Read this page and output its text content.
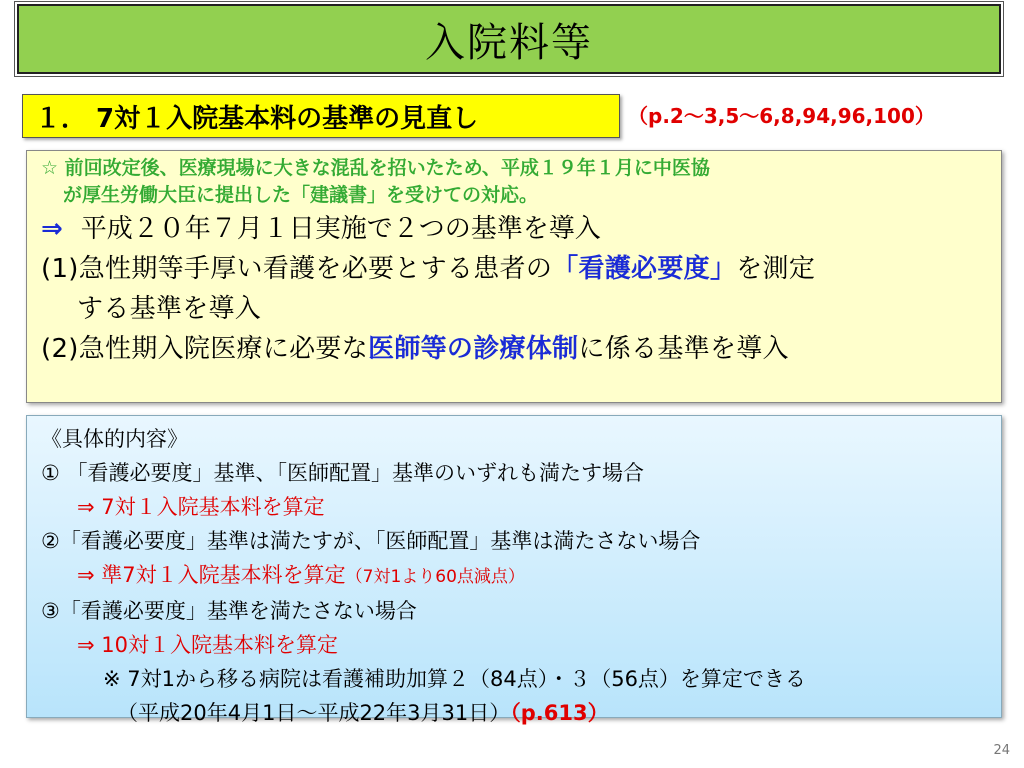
入院料等
１． 7対１入院基本料の基準の見直し	（p.2～3,5～6,8,94,96,100）
☆ 前回改定後、医療現場に大きな混乱を招いたため、平成１９年１月に中医協
が厚生労働大臣に提出した「建議書」を受けての対応。
⇒ 平成２０年７月１日実施で２つの基準を導入
(1)急性期等手厚い看護を必要とする患者の「看護必要度」を測定
する基準を導入
(2)急性期入院医療に必要な医師等の診療体制に係る基準を導入
《具体的内容》
① 「看護必要度」基準、「医師配置」基準のいずれも満たす場合
⇒ 7対１入院基本料を算定
②「看護必要度」基準は満たすが、「医師配置」基準は満たさない場合
⇒ 準7対１入院基本料を算定（7対1より60点減点）
③「看護必要度」基準を満たさない場合
⇒ 10対１入院基本料を算定
※ 7対1から移る病院は看護補助加算２（84点）・３（56点）を算定できる
（平成20年4月1日～平成22年3月31日）（p.613）
24
